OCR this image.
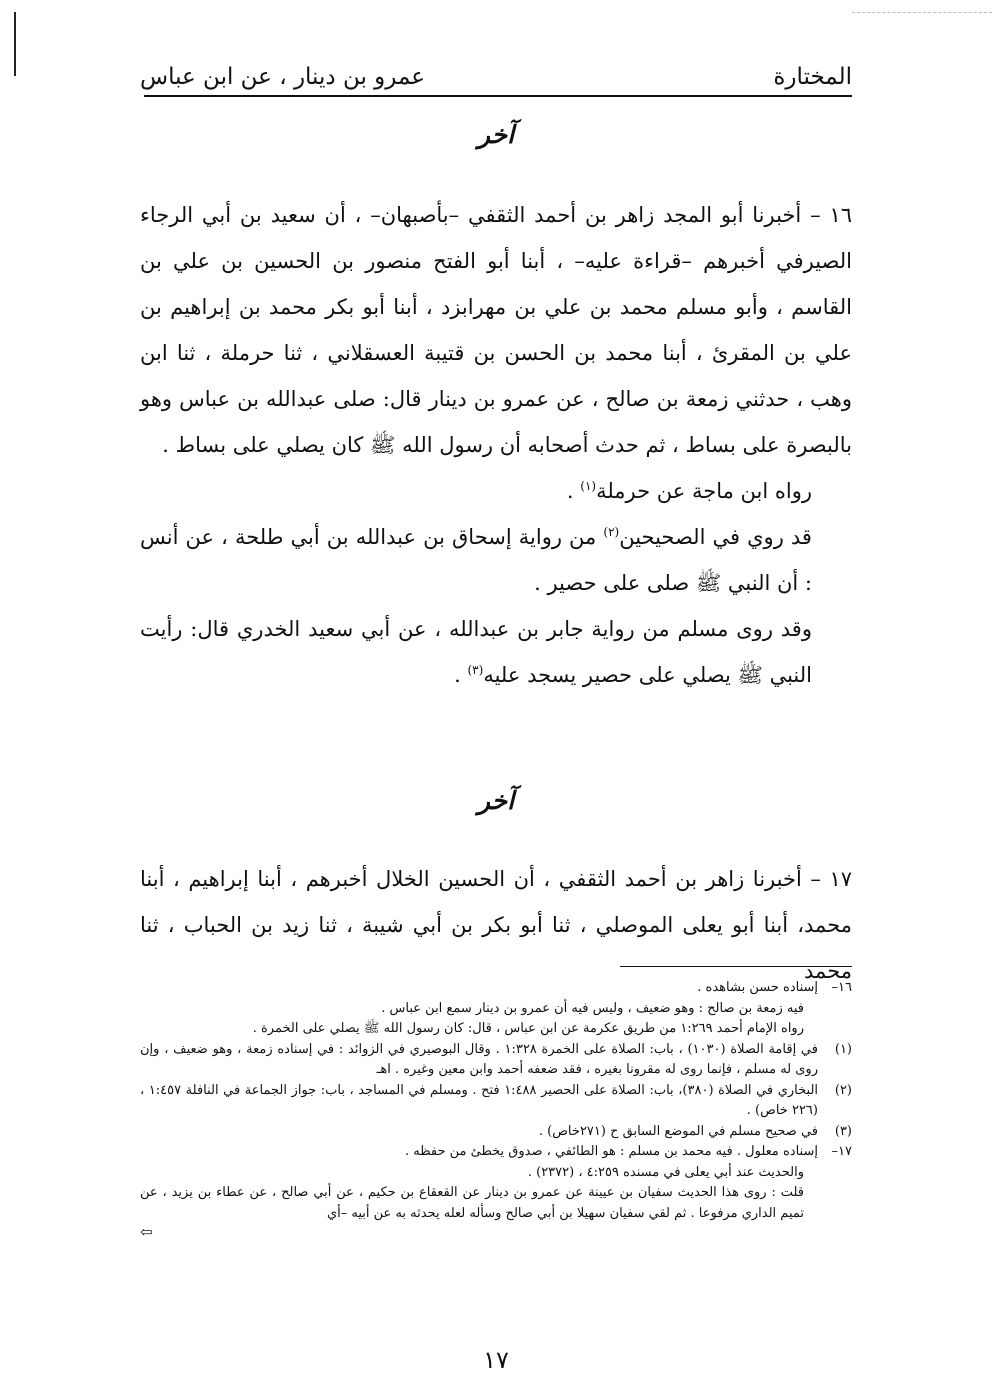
المختارة
عمرو بن دينار ، عن ابن عباس
آخر

١٦ – أخبرنا أبو المجد زاهر بن أحمد الثقفي –بأصبهان– ، أن سعيد بن أبي الرجاء الصيرفي أخبرهم –قراءة عليه– ، أبنا أبو الفتح منصور بن الحسين بن علي بن القاسم ، وأبو مسلم محمد بن علي بن مهرابزد ، أبنا أبو بكر محمد بن إبراهيم بن علي بن المقرئ ، أبنا محمد بن الحسن بن قتيبة العسقلاني ، ثنا حرملة ، ثنا ابن وهب ، حدثني زمعة بن صالح ، عن عمرو بن دينار قال: صلى عبدالله بن عباس وهو بالبصرة على بساط ، ثم حدث أصحابه أن رسول الله ﷺ كان يصلي على بساط .

رواه ابن ماجة عن حرملة$^{(١)}$ .

قد روي في الصحيحين$^{(٢)}$ من رواية إسحاق بن عبدالله بن أبي طلحة ، عن أنس : أن النبي ﷺ صلى على حصير .

وقد روى مسلم من رواية جابر بن عبدالله ، عن أبي سعيد الخدري قال: رأيت النبي ﷺ يصلي على حصير يسجد عليه$^{(٣)}$ .

آخر

١٧ – أخبرنا زاهر بن أحمد الثقفي ، أن الحسين الخلال أخبرهم ، أبنا إبراهيم ، أبنا محمد، أبنا أبو يعلى الموصلي ، ثنا أبو بكر بن أبي شيبة ، ثنا زيد بن الحباب ، ثنا محمد

١٦–
إسناده حسن بشاهده .
فيه زمعة بن صالح : وهو ضعيف ، وليس فيه أن عمرو بن دينار سمع ابن عباس .
رواه الإمام أحمد ١:٢٦٩ من طريق عكرمة عن ابن عباس ، قال: كان رسول الله ﷺ يصلي على الخمرة .
(١)
في إقامة الصلاة (١٠٣٠) ، باب: الصلاة على الخمرة ١:٣٢٨ . وقال البوصيري في الزوائد : في إسناده زمعة ، وهو ضعيف ، وإن روى له مسلم ، فإنما روى له مقرونا بغيره ، فقد ضعفه أحمد وابن معين وغيره . اهـ
(٢)
البخاري في الصلاة (٣٨٠)، باب: الصلاة على الحصير ١:٤٨٨ فتح . ومسلم في المساجد ، باب: جواز الجماعة في النافلة ١:٤٥٧ ، (٢٢٦ خاص) .
(٣)
في صحيح مسلم في الموضع السابق ح (٢٧١خاص) .
١٧–
إسناده معلول . فيه محمد بن مسلم : هو الطائفي ، صدوق يخطئ من حفظه .
والحديث عند أبي يعلى في مسنده ٤:٢٥٩ ، (٢٣٧٢) .
قلت : روى هذا الحديث سفيان بن عيينة عن عمرو بن دينار عن القعقاع بن حكيم ، عن أبي صالح ، عن عطاء بن يزيد ، عن تميم الداري مرفوعا . ثم لقي سفيان سهيلا بن أبي صالح وسأله لعله يحدثه به عن أبيه –أي
⇦
١٧
